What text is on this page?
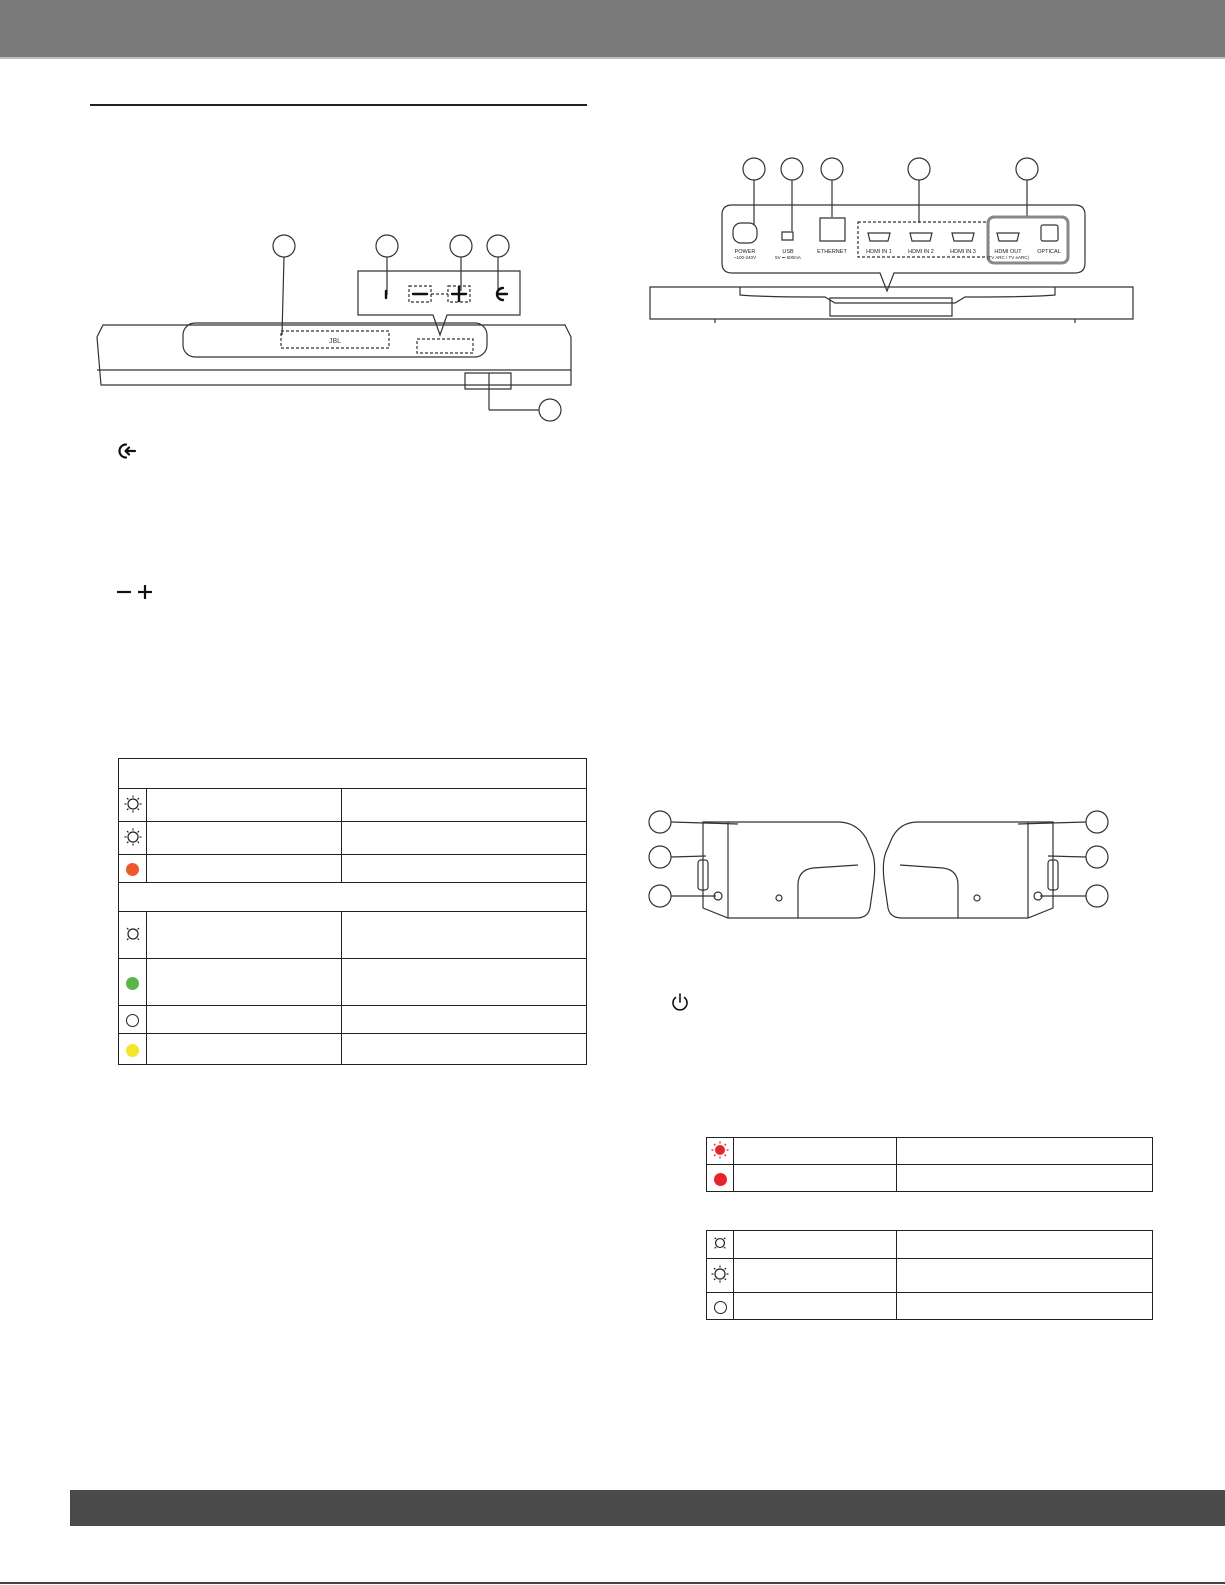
JBL

POWER
~100-240V
USB
5V ⎓ 500mA
ETHERNET	HDMI IN 1	HDMI IN 2	HDMI IN 3	HDMI OUT
(TV ARC / TV eARC)
OPTICAL
